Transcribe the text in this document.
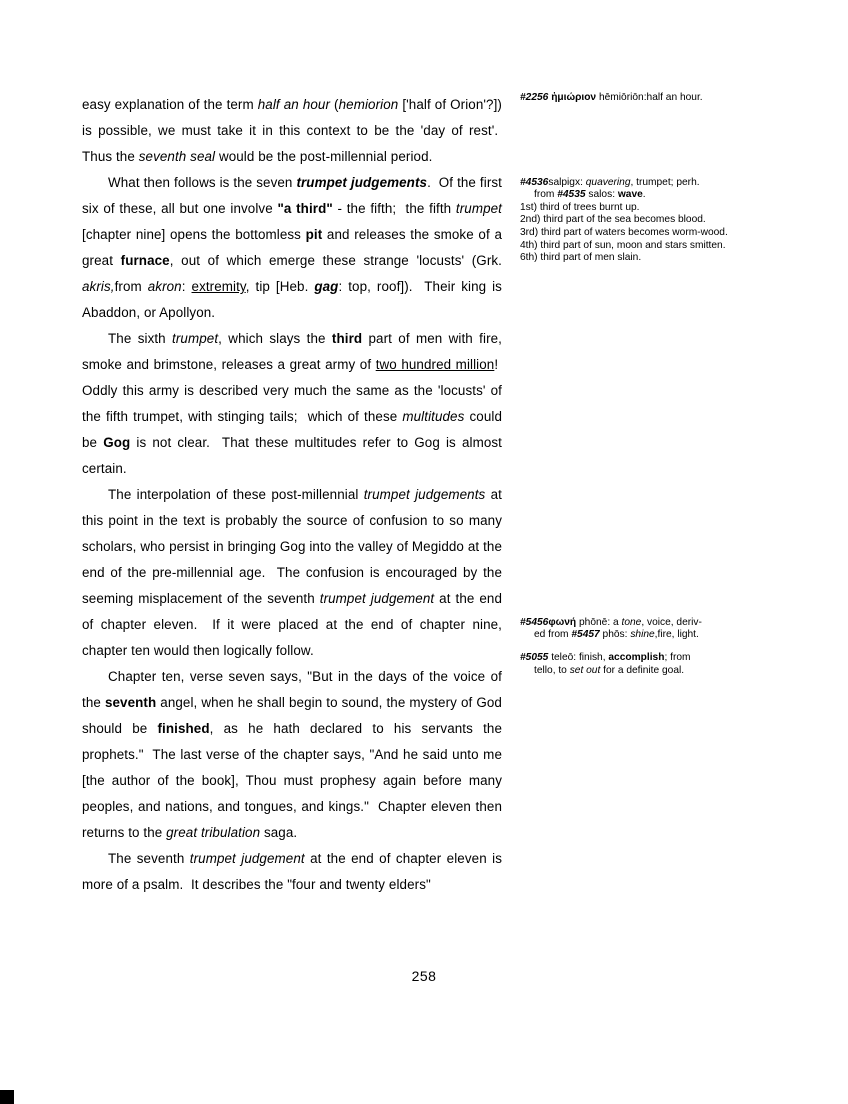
easy explanation of the term half an hour (hemiorion ['half of Orion'?]) is possible, we must take it in this context to be the 'day of rest'.  Thus the seventh seal would be the post-millennial period.

What then follows is the seven trumpet judgements.  Of the first six of these, all but one involve "a third" - the fifth;  the fifth trumpet [chapter nine] opens the bottomless pit and releases the smoke of a great furnace, out of which emerge these strange 'locusts' (Grk. akris,from akron: extremity, tip [Heb. gag: top, roof]).  Their king is Abaddon, or Apollyon.

The sixth trumpet, which slays the third part of men with fire, smoke and brimstone, releases a great army of two hundred million!  Oddly this army is described very much the same as the 'locusts' of the fifth trumpet, with stinging tails;  which of these multitudes could be Gog is not clear.  That these multitudes refer to Gog is almost certain.

The interpolation of these post-millennial trumpet judgements at this point in the text is probably the source of confusion to so many scholars, who persist in bringing Gog into the valley of Megiddo at the end of the pre-millennial age.  The confusion is encouraged by the seeming misplacement of the seventh trumpet judgement at the end of chapter eleven.  If it were placed at the end of chapter nine, chapter ten would then logically follow.

Chapter ten, verse seven says, "But in the days of the voice of the seventh angel, when he shall begin to sound, the mystery of God should be finished, as he hath declared to his servants the prophets."  The last verse of the chapter says, "And he said unto me [the author of the book], Thou must prophesy again before many peoples, and nations, and tongues, and kings."  Chapter eleven then returns to the great tribulation saga.

The seventh trumpet judgement at the end of chapter eleven is more of a psalm.  It describes the "four and twenty elders"

#2256 ἡμιώριον hēmiōriōn:half an hour.
#4536salpigx: quavering, trumpet; perh.
from #4535 salos: wave.
1st) third of trees burnt up.
2nd) third part of the sea becomes blood.
3rd) third part of waters becomes worm-wood.
4th) third part of sun, moon and stars smitten.
6th) third part of men slain.
#5456φωνή phōnē: a tone, voice, deriv-
ed from #5457 phōs: shine,fire, light.
#5055 teleō: finish, accomplish; from
tello, to set out for a definite goal.
258
